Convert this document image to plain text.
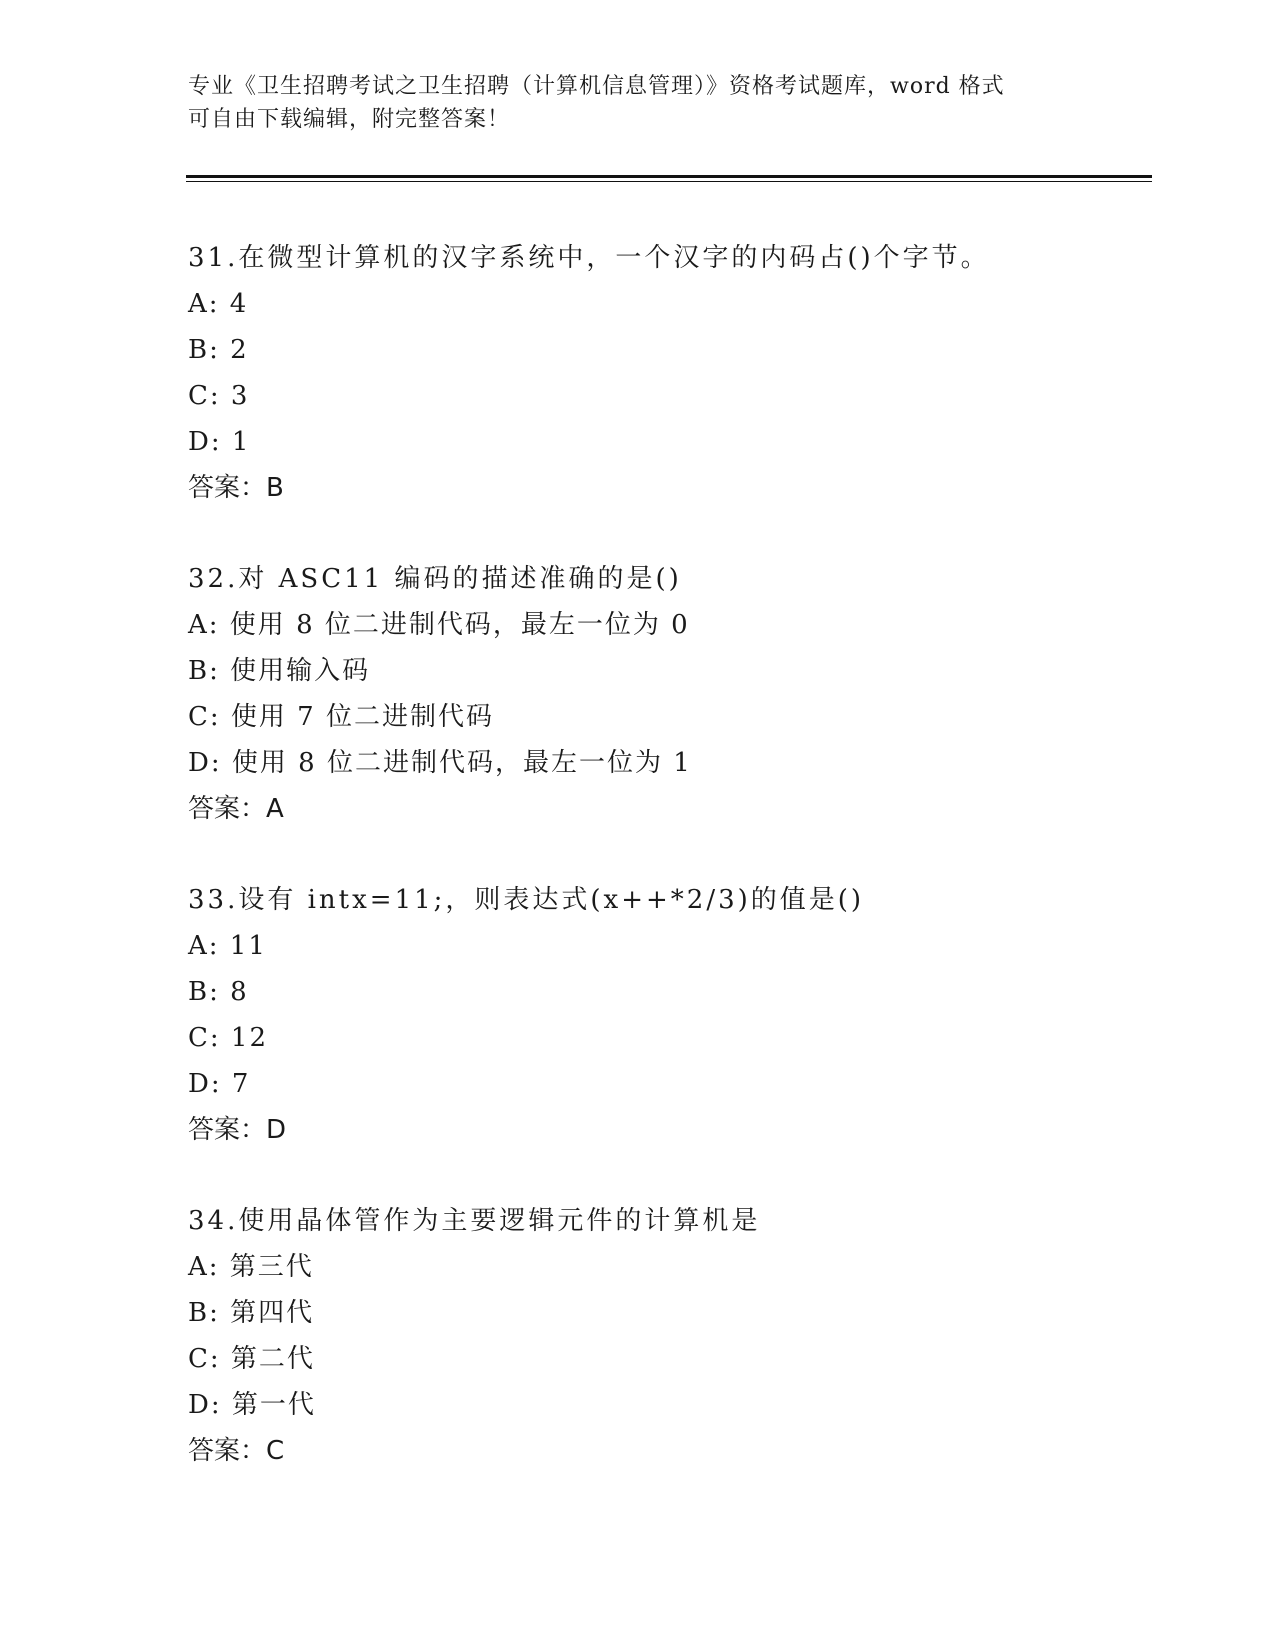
专业《卫生招聘考试之卫生招聘（计算机信息管理）》资格考试题库，word 格式
可自由下载编辑，附完整答案！
31.在微型计算机的汉字系统中，一个汉字的内码占()个字节。
A: 4
B: 2
C: 3
D: 1
答案：B
32.对 ASC11 编码的描述准确的是()
A: 使用 8 位二进制代码，最左一位为 0
B: 使用输入码
C: 使用 7 位二进制代码
D: 使用 8 位二进制代码，最左一位为 1
答案：A
33.设有 intx=11;，则表达式(x++*2/3)的值是()
A: 11
B: 8
C: 12
D: 7
答案：D
34.使用晶体管作为主要逻辑元件的计算机是
A: 第三代
B: 第四代
C: 第二代
D: 第一代
答案：C
